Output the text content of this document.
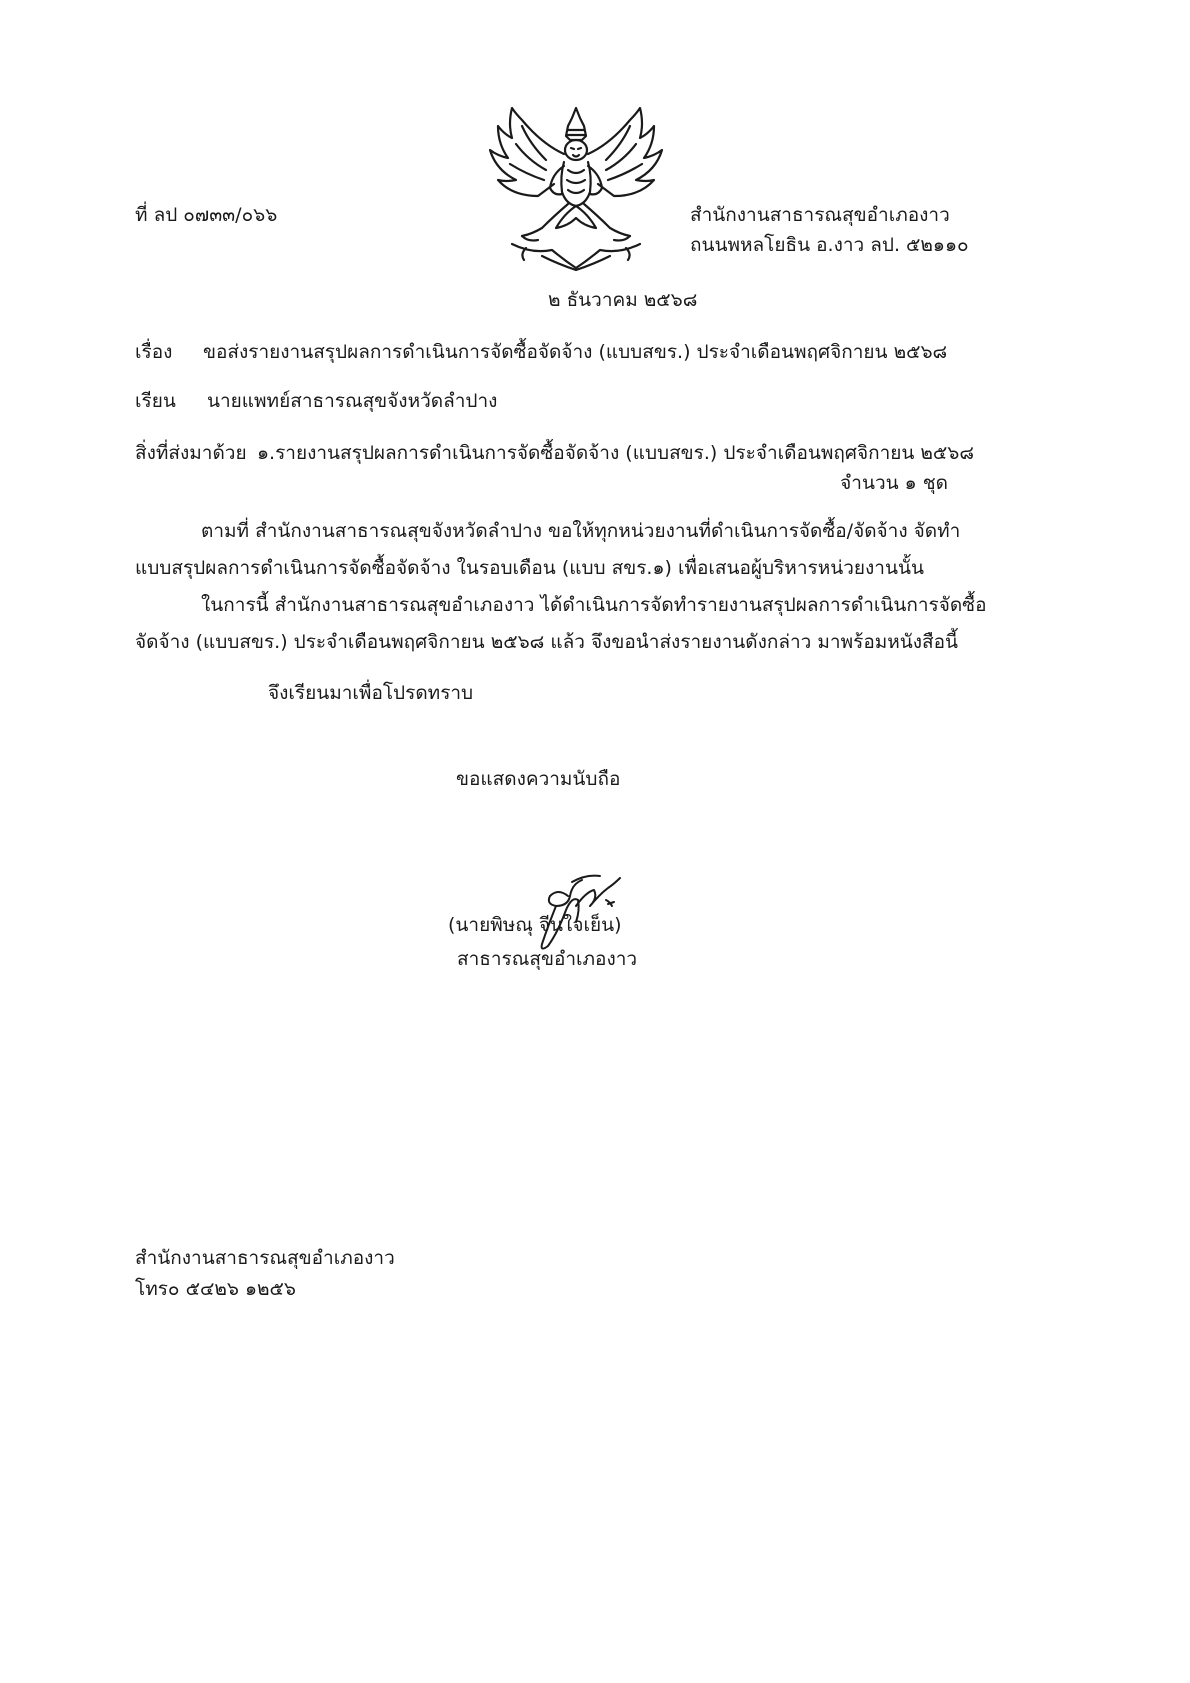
ที่ ลป ๐๗๓๓/๐๖๖	สำนักงานสาธารณสุขอำเภองาว
ถนนพหลโยธิน อ.งาว ลป. ๕๒๑๑๐
๒ ธันวาคม ๒๕๖๘
เรื่อง ขอส่งรายงานสรุปผลการดำเนินการจัดซื้อจัดจ้าง (แบบสขร.) ประจำเดือนพฤศจิกายน ๒๕๖๘
เรียน นายแพทย์สาธารณสุขจังหวัดลำปาง
สิ่งที่ส่งมาด้วย ๑.รายงานสรุปผลการดำเนินการจัดซื้อจัดจ้าง (แบบสขร.) ประจำเดือนพฤศจิกายน ๒๕๖๘
จำนวน ๑ ชุด
ตามที่ สำนักงานสาธารณสุขจังหวัดลำปาง ขอให้ทุกหน่วยงานที่ดำเนินการจัดซื้อ/จัดจ้าง จัดทำ
แบบสรุปผลการดำเนินการจัดซื้อจัดจ้าง ในรอบเดือน (แบบ สขร.๑) เพื่อเสนอผู้บริหารหน่วยงานนั้น
ในการนี้ สำนักงานสาธารณสุขอำเภองาว ได้ดำเนินการจัดทำรายงานสรุปผลการดำเนินการจัดซื้อ
จัดจ้าง (แบบสขร.) ประจำเดือนพฤศจิกายน ๒๕๖๘ แล้ว จึงขอนำส่งรายงานดังกล่าว มาพร้อมหนังสือนี้
จึงเรียนมาเพื่อโปรดทราบ
ขอแสดงความนับถือ
(นายพิษณุ จีนใจเย็น)
สาธารณสุขอำเภองาว
สำนักงานสาธารณสุขอำเภองาว
โทร๐ ๕๔๒๖ ๑๒๕๖
